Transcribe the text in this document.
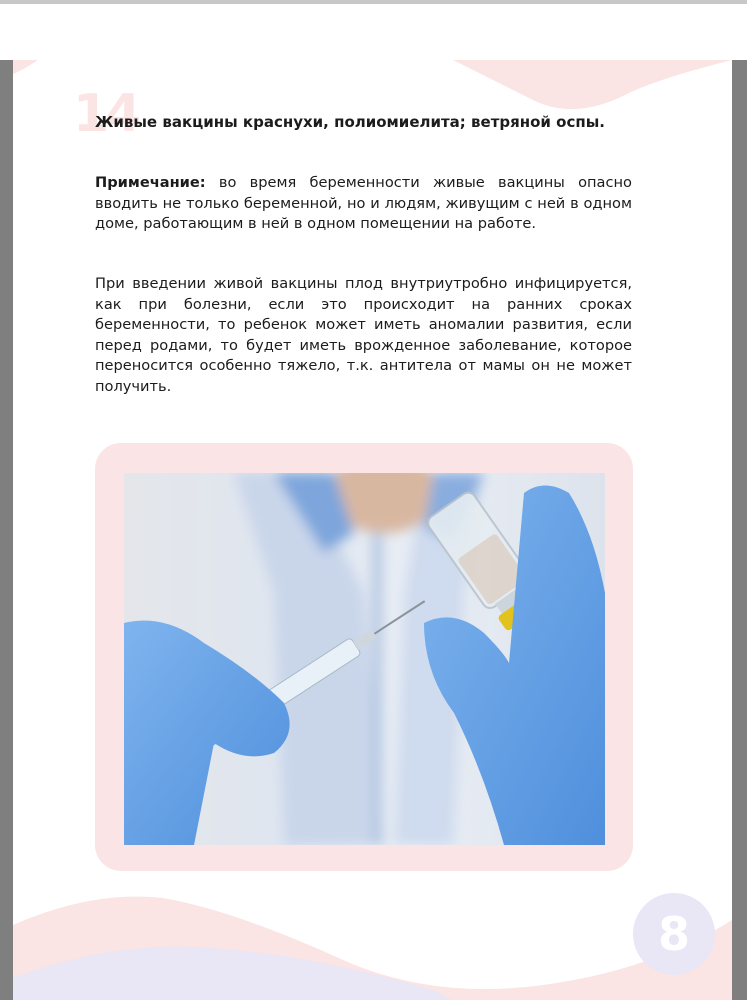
14
Живые вакцины краснухи, полиомиелита; ветряной оспы.
Примечание: во время беременности живые вакцины опасно вводить не только беременной, но и людям, живущим с ней в одном доме, работающим в ней в одном помещении на работе.
При введении живой вакцины плод внутриутробно инфицируется, как при болезни, если это происходит на ранних сроках беременности, то ребенок может иметь аномалии развития, если перед родами, то будет иметь врожденное заболевание, которое переносится особенно тяжело, т.к. антитела от мамы он не может получить.
8
